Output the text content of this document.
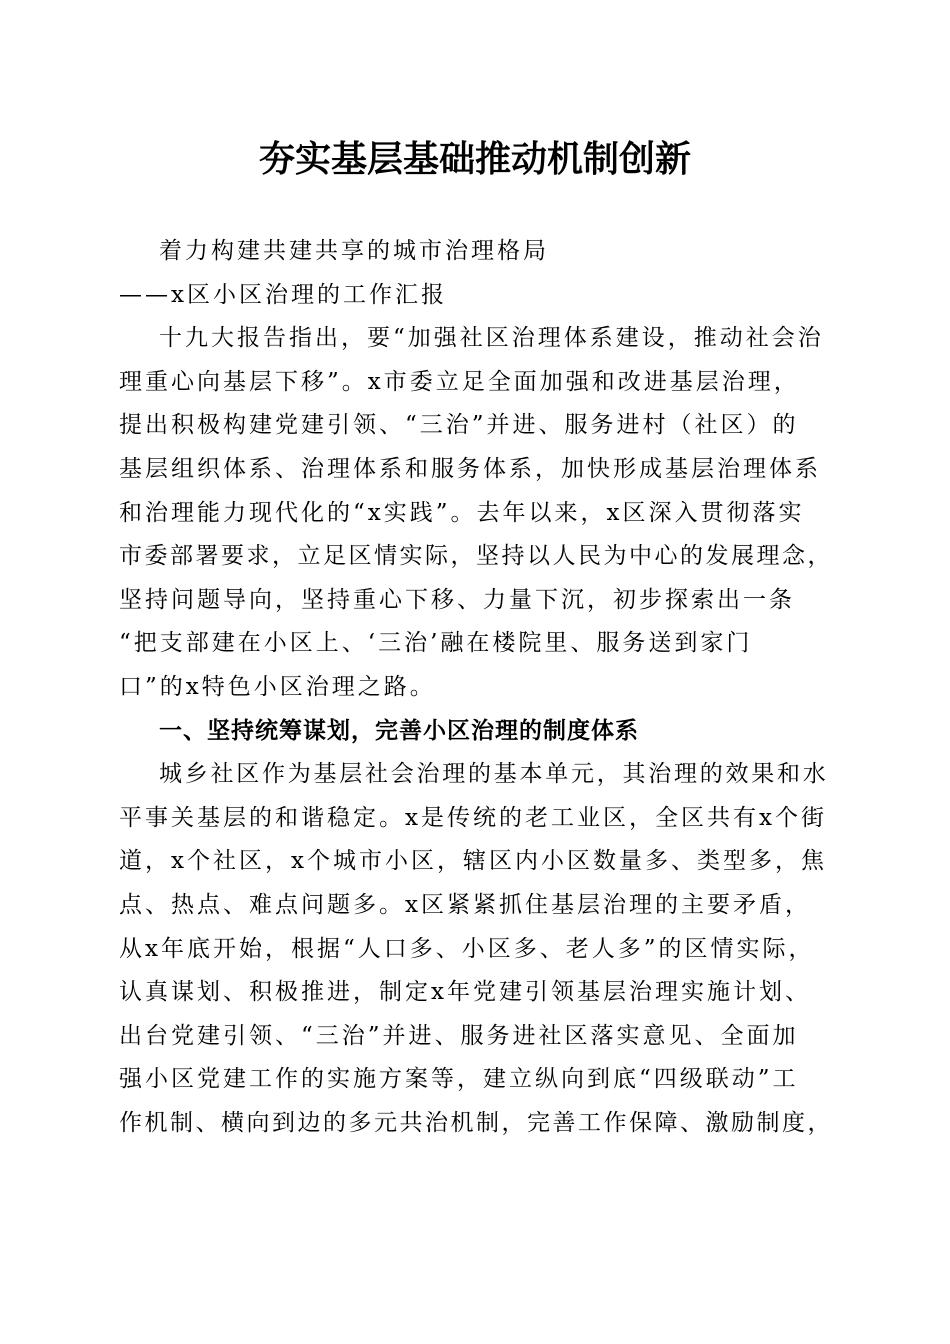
夯实基层基础推动机制创新
着力构建共建共享的城市治理格局
——x区小区治理的工作汇报
十九大报告指出，要“加强社区治理体系建设，推动社会治
理重心向基层下移”。x市委立足全面加强和改进基层治理，
提出积极构建党建引领、“三治”并进、服务进村（社区）的
基层组织体系、治理体系和服务体系，加快形成基层治理体系
和治理能力现代化的“x实践”。去年以来，x区深入贯彻落实
市委部署要求，立足区情实际，坚持以人民为中心的发展理念，
坚持问题导向，坚持重心下移、力量下沉，初步探索出一条
“把支部建在小区上、‘三治’融在楼院里、服务送到家门
口”的x特色小区治理之路。
一、坚持统筹谋划，完善小区治理的制度体系
城乡社区作为基层社会治理的基本单元，其治理的效果和水
平事关基层的和谐稳定。x是传统的老工业区，全区共有x个街
道，x个社区，x个城市小区，辖区内小区数量多、类型多，焦
点、热点、难点问题多。x区紧紧抓住基层治理的主要矛盾，
从x年底开始，根据“人口多、小区多、老人多”的区情实际，
认真谋划、积极推进，制定x年党建引领基层治理实施计划、
出台党建引领、“三治”并进、服务进社区落实意见、全面加
强小区党建工作的实施方案等，建立纵向到底“四级联动”工
作机制、横向到边的多元共治机制，完善工作保障、激励制度，
